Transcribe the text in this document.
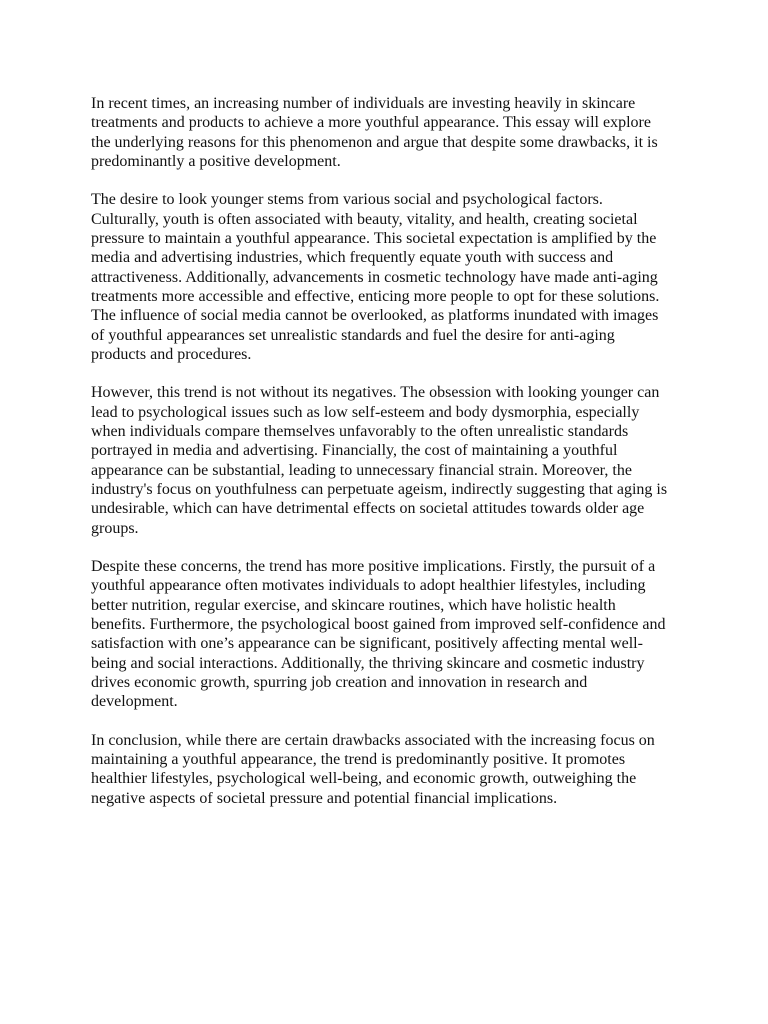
In recent times, an increasing number of individuals are investing heavily in skincare
treatments and products to achieve a more youthful appearance. This essay will explore
the underlying reasons for this phenomenon and argue that despite some drawbacks, it is
predominantly a positive development.

The desire to look younger stems from various social and psychological factors.
Culturally, youth is often associated with beauty, vitality, and health, creating societal
pressure to maintain a youthful appearance. This societal expectation is amplified by the
media and advertising industries, which frequently equate youth with success and
attractiveness. Additionally, advancements in cosmetic technology have made anti-aging
treatments more accessible and effective, enticing more people to opt for these solutions.
The influence of social media cannot be overlooked, as platforms inundated with images
of youthful appearances set unrealistic standards and fuel the desire for anti-aging
products and procedures.

However, this trend is not without its negatives. The obsession with looking younger can
lead to psychological issues such as low self-esteem and body dysmorphia, especially
when individuals compare themselves unfavorably to the often unrealistic standards
portrayed in media and advertising. Financially, the cost of maintaining a youthful
appearance can be substantial, leading to unnecessary financial strain. Moreover, the
industry's focus on youthfulness can perpetuate ageism, indirectly suggesting that aging is
undesirable, which can have detrimental effects on societal attitudes towards older age
groups.

Despite these concerns, the trend has more positive implications. Firstly, the pursuit of a
youthful appearance often motivates individuals to adopt healthier lifestyles, including
better nutrition, regular exercise, and skincare routines, which have holistic health
benefits. Furthermore, the psychological boost gained from improved self-confidence and
satisfaction with one’s appearance can be significant, positively affecting mental well-
being and social interactions. Additionally, the thriving skincare and cosmetic industry
drives economic growth, spurring job creation and innovation in research and
development.

In conclusion, while there are certain drawbacks associated with the increasing focus on
maintaining a youthful appearance, the trend is predominantly positive. It promotes
healthier lifestyles, psychological well-being, and economic growth, outweighing the
negative aspects of societal pressure and potential financial implications.
